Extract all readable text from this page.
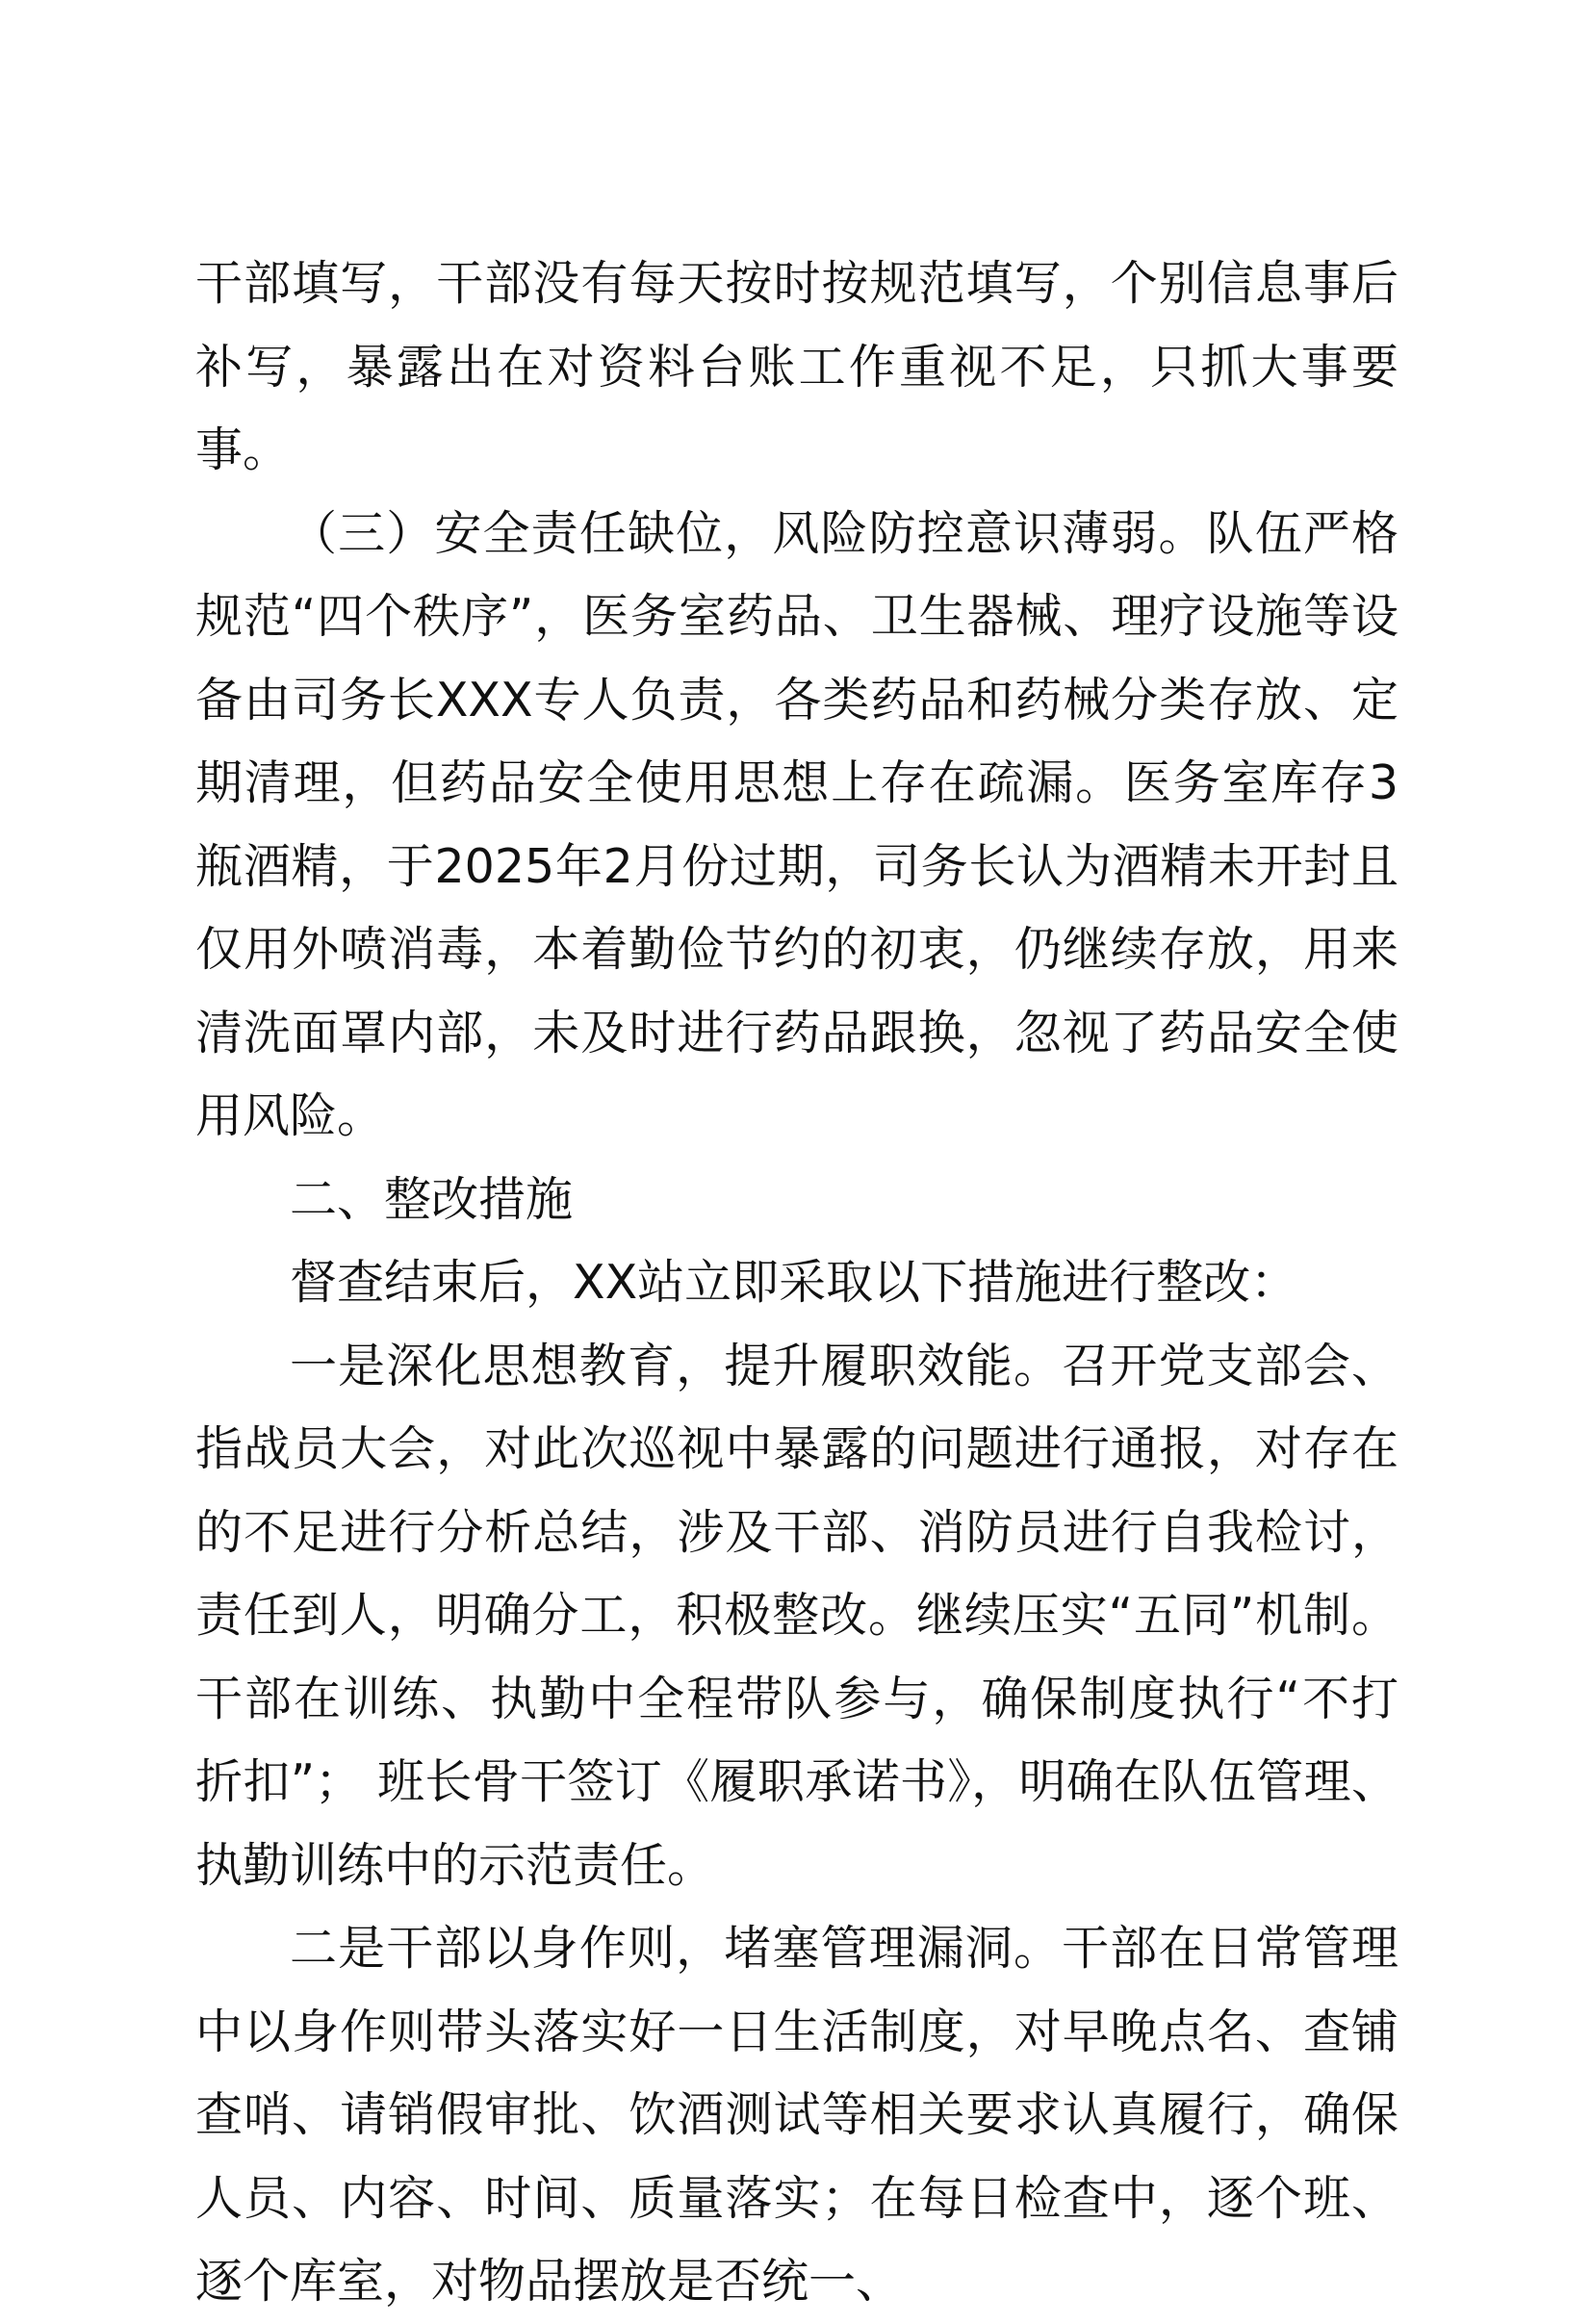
干部填写，干部没有每天按时按规范填写，个别信息事后补写，暴露出在对资料台账工作重视不足，只抓大事要事。

（三）安全责任缺位，风险防控意识薄弱。队伍严格规范“四个秩序”，医务室药品、卫生器械、理疗设施等设备由司务长XXX专人负责，各类药品和药械分类存放、定期清理，但药品安全使用思想上存在疏漏。医务室库存3瓶酒精，于2025年2月份过期，司务长认为酒精未开封且仅用外喷消毒，本着勤俭节约的初衷，仍继续存放，用来清洗面罩内部，未及时进行药品跟换，忽视了药品安全使用风险。

二、整改措施

督查结束后，XX站立即采取以下措施进行整改：

一是深化思想教育，提升履职效能。召开党支部会、指战员大会，对此次巡视中暴露的问题进行通报，对存在的不足进行分析总结，涉及干部、消防员进行自我检讨，责任到人，明确分工，积极整改。继续压实“五同”机制。干部在训练、执勤中全程带队参与，确保制度执行“不打折扣”； 班长骨干签订《履职承诺书》，明确在队伍管理、执勤训练中的示范责任。

二是干部以身作则，堵塞管理漏洞。干部在日常管理中以身作则带头落实好一日生活制度，对早晚点名、查铺查哨、请销假审批、饮酒测试等相关要求认真履行，确保人员、内容、时间、质量落实；在每日检查中，逐个班、逐个库室，对物品摆放是否统一、
